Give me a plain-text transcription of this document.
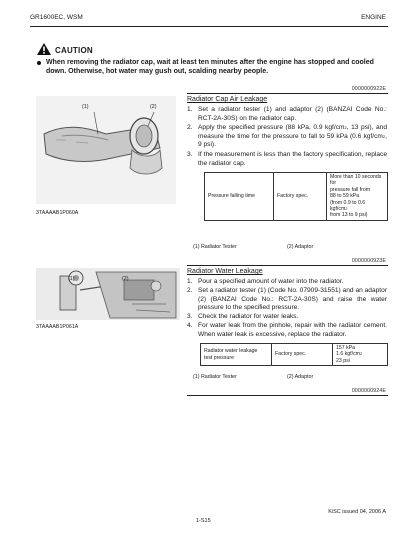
GR1600EC, WSM	ENGINE
CAUTION
When removing the radiator cap, wait at least ten minutes after the engine has stopped and cooled down. Otherwise, hot water may gush out, scalding nearby people.
0000000922E
(1)	(2)
3TAAAAB1P060A
Radiator Cap Air Leakage
1. Set a radiator tester (1) and adaptor (2) (BANZAI Code No.: RCT-2A-30S) on the radiator cap.
2. Apply the specified pressure (88 kPa, 0.9 kgf/$cm^2$, 13 psi), and measure the time for the pressure to fall to 59 kPa (0.6 kgf/$cm^2$, 9 psi).
3. If the measurement is less than the factory specification, replace the radiator cap.
Pressure falling time	Factory spec.	
More than 10 seconds for
pressure fall from
88 to 59 kPa
(from 0.9 to 0.6 kgf/$cm^2$
from 13 to 9 psi)
(1) Radiator Tester	(2) Adaptor
0000000923E
(1)	(2)
3TAAAAB1P061A
Radiator Water Leakage
1. Pour a specified amount of water into the radiator.
2. Set a radiator tester (1) (Code No. 07909-31551) and an adaptor (2) (BANZAI Code No.: RCT-2A-30S) and raise the water pressure to the specified pressure.
3. Check the radiator for water leaks.
4. For water leak from the pinhole, repair with the radiator cement. When water leak is excessive, replace the radiator.
Radiator water leakage
test pressure
	Factory spec.	
157 kPa
1.6 kgf/$cm^2$
23 psi
(1) Radiator Tester	(2) Adaptor
0000000924E
1-S15
KiSC issued 04, 2006 A
